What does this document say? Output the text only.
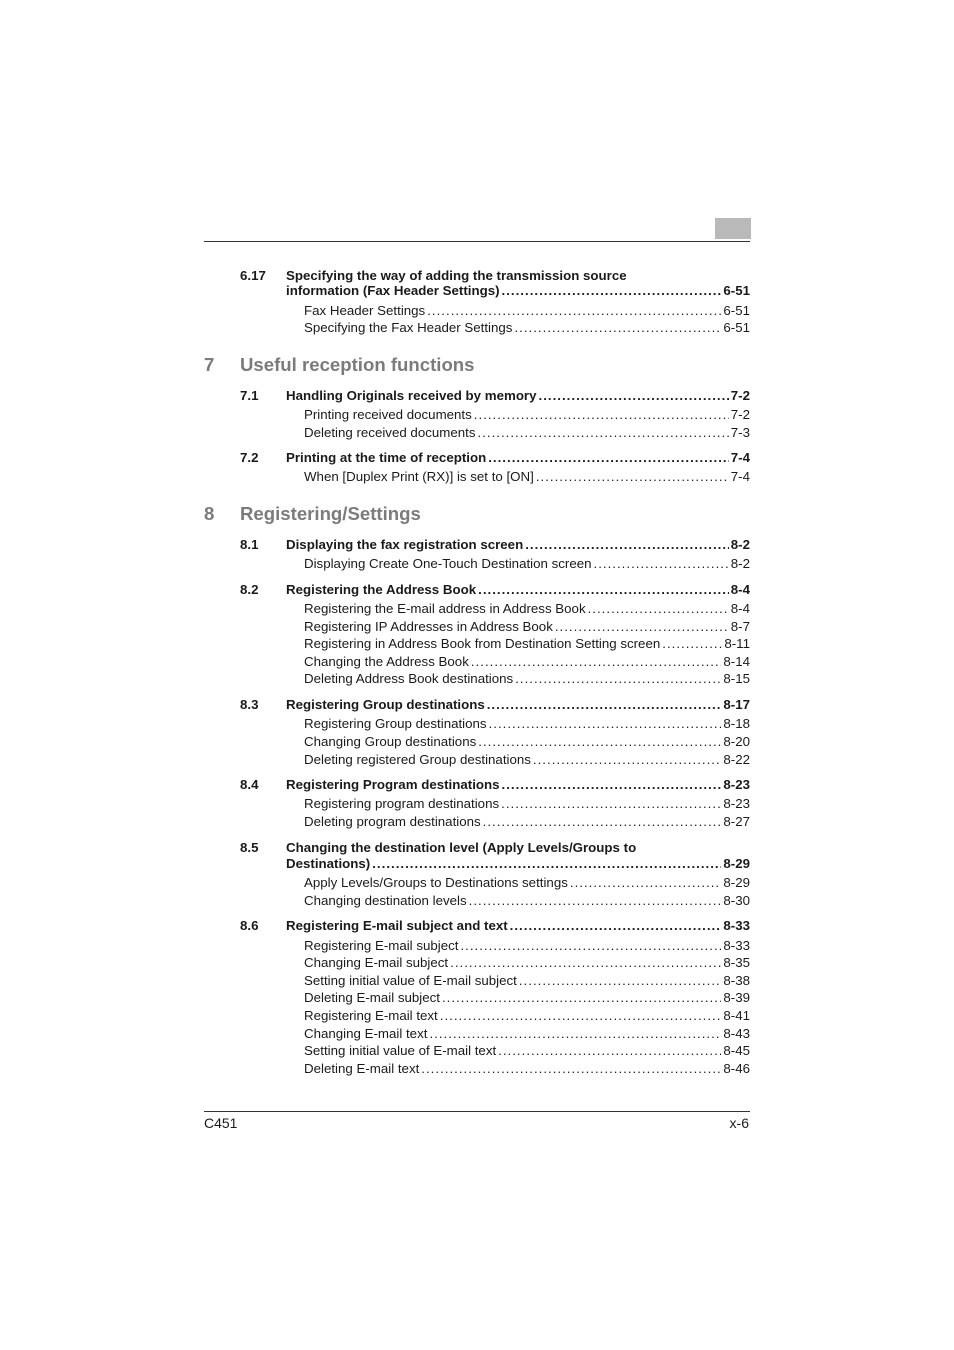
6.17 Specifying the way of adding the transmission source
information (Fax Header Settings) .....	6-51
Fax Header Settings .....	6-51
Specifying the Fax Header Settings .....	6-51
7 Useful reception functions
7.1 Handling Originals received by memory .....	7-2
Printing received documents .....	7-2
Deleting received documents .....	7-3
7.2 Printing at the time of reception .....	7-4
When [Duplex Print (RX)] is set to [ON] .....	7-4
8 Registering/Settings
8.1 Displaying the fax registration screen .....	8-2
Displaying Create One-Touch Destination screen .....	8-2
8.2 Registering the Address Book .....	8-4
Registering the E-mail address in Address Book .....	8-4
Registering IP Addresses in Address Book .....	8-7
Registering in Address Book from Destination Setting screen .....	8-11
Changing the Address Book .....	8-14
Deleting Address Book destinations .....	8-15
8.3 Registering Group destinations .....	8-17
Registering Group destinations .....	8-18
Changing Group destinations .....	8-20
Deleting registered Group destinations .....	8-22
8.4 Registering Program destinations .....	8-23
Registering program destinations .....	8-23
Deleting program destinations .....	8-27
8.5 Changing the destination level (Apply Levels/Groups to
Destinations) .....	8-29
Apply Levels/Groups to Destinations settings .....	8-29
Changing destination levels .....	8-30
8.6 Registering E-mail subject and text .....	8-33
Registering E-mail subject .....	8-33
Changing E-mail subject .....	8-35
Setting initial value of E-mail subject .....	8-38
Deleting E-mail subject .....	8-39
Registering E-mail text .....	8-41
Changing E-mail text .....	8-43
Setting initial value of E-mail text .....	8-45
Deleting E-mail text .....	8-46
C451	x-6
